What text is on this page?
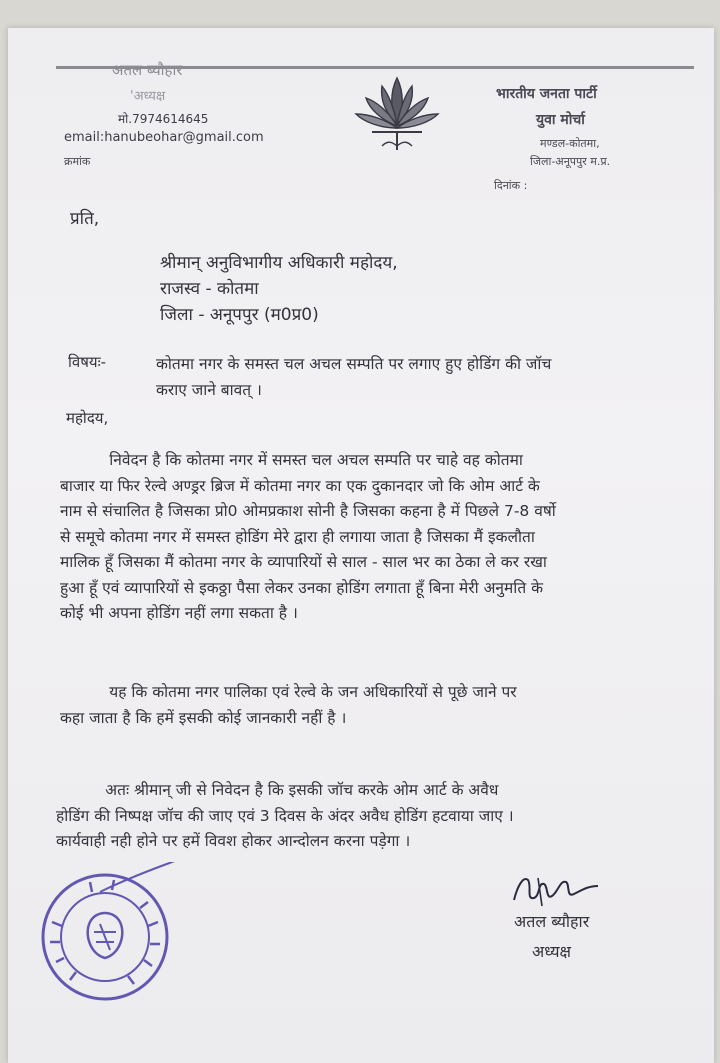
अतल ब्यौहार
'अध्यक्ष
मो.7974614645
email:hanubeohar@gmail.com
भारतीय जनता पार्टी
युवा मोर्चा
मण्डल-कोतमा,
जिला-अनूपपुर म.प्र.
क्रमांक
दिनांक :
प्रति,
श्रीमान् अनुविभागीय अधिकारी महोदय,
राजस्व - कोतमा
जिला - अनूपपुर (म0प्र0)
विषयः-	कोतमा नगर के समस्त चल अचल सम्पति पर लगाए हुए होडिंग की जॉच
कराए जाने बावत् ।
महोदय,
निवेदन है कि कोतमा नगर में समस्त चल अचल सम्पति पर चाहे वह कोतमा
बाजार या फिर रेल्वे अण्ड्रर ब्रिज में कोतमा नगर का एक दुकानदार जो कि ओम आर्ट के
नाम से संचालित है जिसका प्रो0 ओमप्रकाश सोनी है जिसका कहना है में पिछले 7-8 वर्षो
से समूचे कोतमा नगर में समस्त होडिंग मेरे द्वारा ही लगाया जाता है जिसका मैं इकलौता
मालिक हूँ जिसका मैं कोतमा नगर के व्यापारियों से साल - साल भर का ठेका ले कर रखा
हुआ हूँ एवं व्यापारियों से इकठ्ठा पैसा लेकर उनका होडिंग लगाता हूँ बिना मेरी अनुमति के
कोई भी अपना होडिंग नहीं लगा सकता है ।
यह कि कोतमा नगर पालिका एवं रेल्वे के जन अधिकारियों से पूछे जाने पर
कहा जाता है कि हमें इसकी कोई जानकारी नहीं है ।
अतः श्रीमान् जी से निवेदन है कि इसकी जॉच करके ओम आर्ट के अवैध
होडिंग की निष्पक्ष जॉच की जाए एवं 3 दिवस के अंदर अवैध होडिंग हटवाया जाए ।
कार्यवाही नही होने पर हमें विवश होकर आन्दोलन करना पड़ेगा ।
अतल ब्यौहार
अध्यक्ष
